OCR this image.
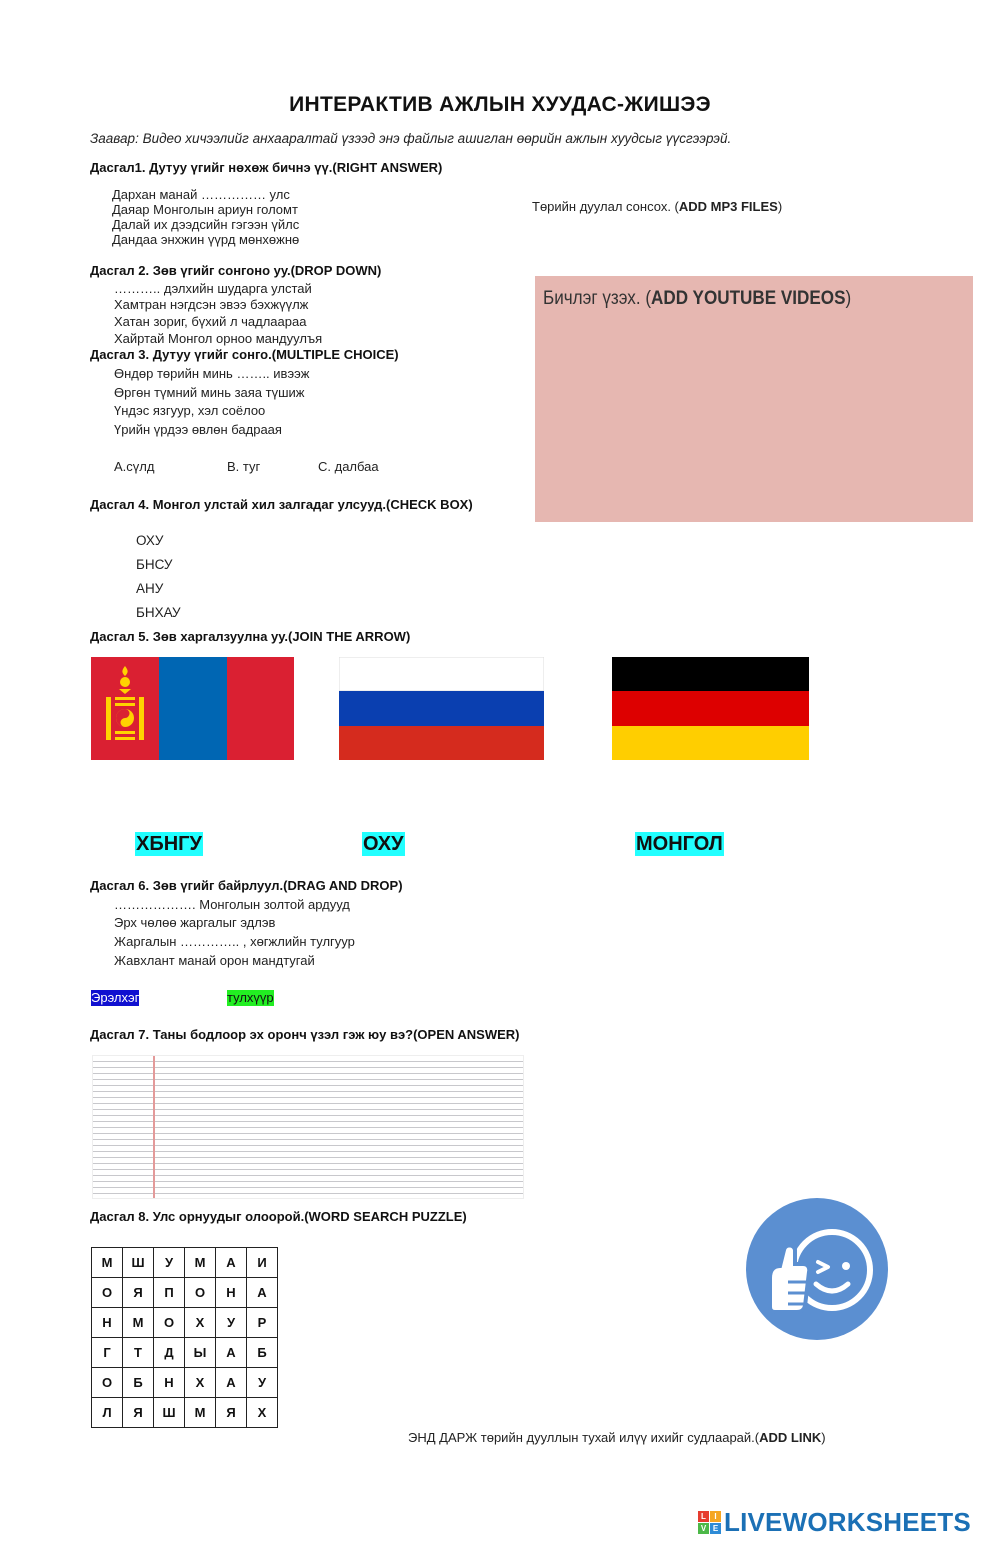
ИНТЕРАКТИВ АЖЛЫН ХУУДАС-ЖИШЭЭ
Заавар: Видео хичээлийг анхааралтай үзээд энэ файлыг ашиглан өөрийн ажлын хуудсыг үүсгээрэй.
Дасгал1. Дутуу үгийг нөхөж бичнэ үү.(RIGHT ANSWER)
Дархан манай …………… улс
Даяар Монголын ариун голомт
Далай их дээдсийн гэгээн үйлс
Дандаа энхжин үүрд мөнхөжнө
Төрийн дуулал сонсох. (ADD MP3 FILES)
Бичлэг үзэх. (ADD YOUTUBE VIDEOS)
Дасгал 2. Зөв үгийг сонгоно уу.(DROP DOWN)
……….. дэлхийн шударга улстай
Хамтран нэгдсэн эвээ бэхжүүлж
Хатан зориг, бүхий л чадлаараа
Хайртай Монгол орноо мандуулъя
Дасгал 3. Дутуу үгийг сонго.(MULTIPLE CHOICE)
Өндөр төрийн минь …….. ивээж
Өргөн түмний минь заяа түшиж
Үндэс язгуур, хэл соёлоо
Үрийн үрдээ өвлөн бадраая
А.сүлд	В. туг	С. далбаа
Дасгал 4. Монгол улстай хил залгадаг улсууд.(CHECK BOX)
ОХУ
БНСУ
АНУ
БНХАУ
Дасгал 5. Зөв харгалзуулна уу.(JOIN THE ARROW)
ХБНГУ	ОХУ	МОНГОЛ
Дасгал 6. Зөв үгийг байрлуул.(DRAG AND DROP)
………………. Монголын золтой ардууд
Эрх чөлөө жаргалыг эдлэв
Жаргалын ………….. , хөгжлийн тулгуур
Жавхлант манай орон мандтугай
Эрэлхэг	тулхүүр
Дасгал 7. Таны бодлоор эх оронч үзэл гэж юу вэ?(OPEN ANSWER)
Дасгал 8. Улс орнуудыг олоорой.(WORD SEARCH PUZZLE)
М	Ш	У	М	А	И
О	Я	П	О	Н	А
Н	М	О	Х	У	Р
Г	Т	Д	Ы	А	Б
О	Б	Н	Х	А	У
Л	Я	Ш	М	Я	Х
ЭНД ДАРЖ төрийн дууллын тухай илүү ихийг судлаарай.(ADD LINK)
L	I
V E LIVEWORKSHEETS
